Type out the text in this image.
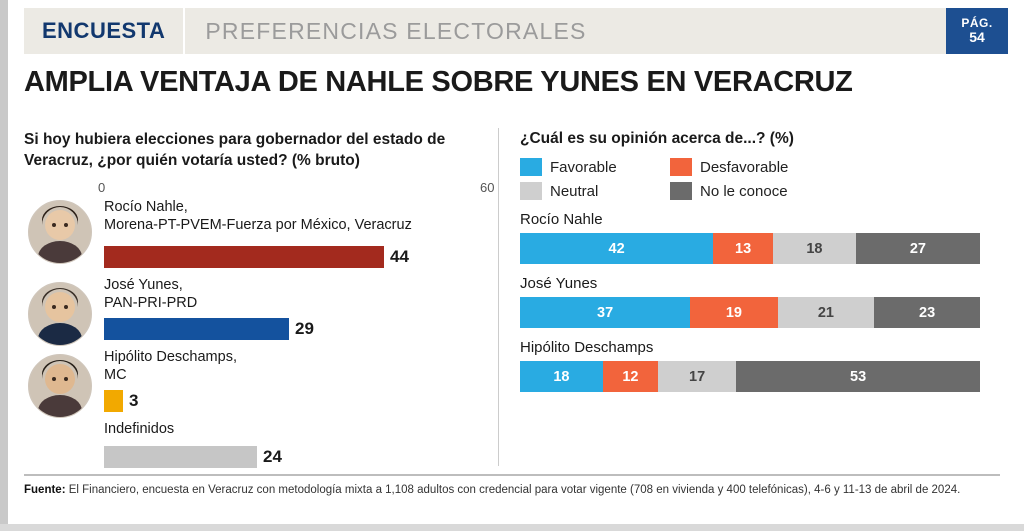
ENCUESTA	PREFERENCIAS ELECTORALES	PÁG.
54
AMPLIA VENTAJA DE NAHLE SOBRE YUNES EN VERACRUZ
Si hoy hubiera elecciones para gobernador del estado de Veracruz, ¿por quién votaría usted? (% bruto)
0	60
Rocío Nahle,
Morena-PT-PVEM-Fuerza por México, Veracruz
44
José Yunes,
PAN-PRI-PRD
29
Hipólito Deschamps,
MC
3
Indefinidos
24
¿Cuál es su opinión acerca de...? (%)
Favorable	Desfavorable
Neutral	No le conoce
Rocío Nahle
42	13	18	27
José Yunes
37	19	21	23
Hipólito Deschamps
18	12	17	53
Fuente: El Financiero, encuesta en Veracruz con metodología mixta a 1,108 adultos con credencial para votar vigente (708 en vivienda y 400 telefónicas), 4-6 y 11-13 de abril de 2024.
